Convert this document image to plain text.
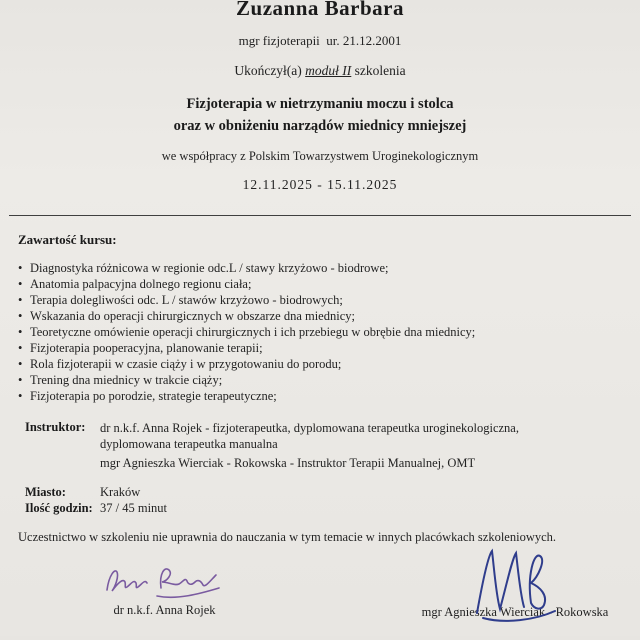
Zuzanna Barbara
mgr fizjoterapii  ur. 21.12.2001
Ukończył(a) moduł II szkolenia
Fizjoterapia w nietrzymaniu moczu i stolca
oraz w obniżeniu narządów miednicy mniejszej
we współpracy z Polskim Towarzystwem Uroginekologicznym
12.11.2025 - 15.11.2025
Zawartość kursu:
• Diagnostyka różnicowa w regionie odc.L / stawy krzyżowo - biodrowe;
• Anatomia palpacyjna dolnego regionu ciała;
• Terapia dolegliwości odc. L / stawów krzyżowo - biodrowych;
• Wskazania do operacji chirurgicznych w obszarze dna miednicy;
• Teoretyczne omówienie operacji chirurgicznych i ich przebiegu w obrębie dna miednicy;
• Fizjoterapia pooperacyjna, planowanie terapii;
• Rola fizjoterapii w czasie ciąży i w przygotowaniu do porodu;
• Trening dna miednicy w trakcie ciąży;
• Fizjoterapia po porodzie, strategie terapeutyczne;
Instruktor:	dr n.k.f. Anna Rojek - fizjoterapeutka, dyplomowana terapeutka uroginekologiczna,
dyplomowana terapeutka manualna
mgr Agnieszka Wierciak - Rokowska - Instruktor Terapii Manualnej, OMT
Miasto:	Kraków
Ilość godzin: 37 / 45 minut
Uczestnictwo w szkoleniu nie uprawnia do nauczania w tym temacie w innych placówkach szkoleniowych.
dr n.k.f. Anna Rojek	mgr Agnieszka Wierciak - Rokowska
